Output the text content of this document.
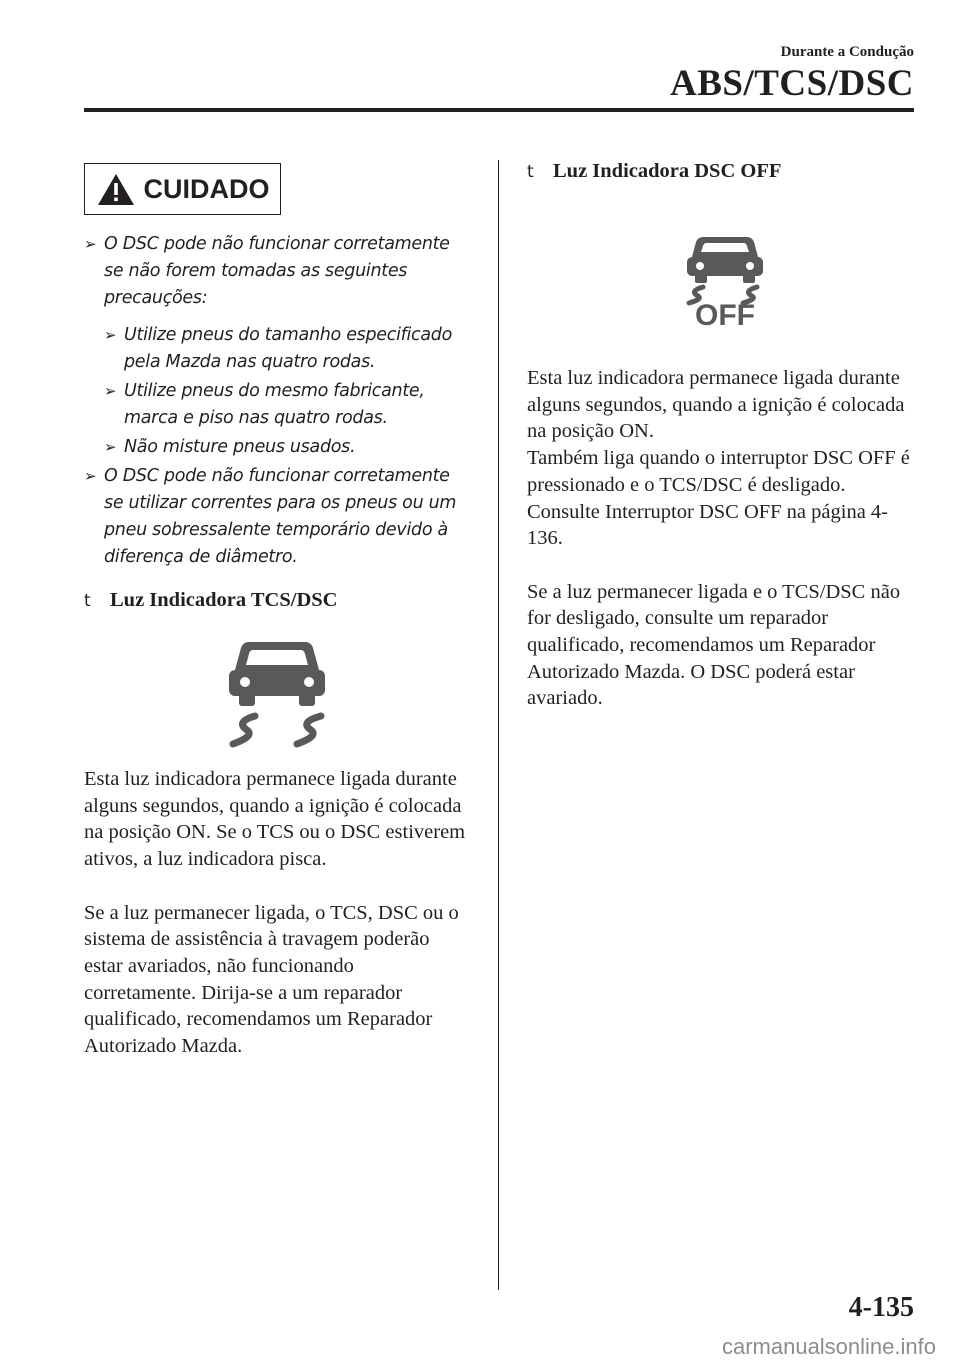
Durante a Condução
ABS/TCS/DSC
CUIDADO
➢ O DSC pode não funcionar corretamente se não forem tomadas as seguintes precauções:
➢ Utilize pneus do tamanho especificado pela Mazda nas quatro rodas.
➢ Utilize pneus do mesmo fabricante, marca e piso nas quatro rodas.
➢ Não misture pneus usados.
➢ O DSC pode não funcionar corretamente se utilizar correntes para os pneus ou um pneu sobressalente temporário devido à diferença de diâmetro.
t Luz Indicadora TCS/DSC

Esta luz indicadora permanece ligada durante alguns segundos, quando a ignição é colocada na posição ON. Se o TCS ou o DSC estiverem ativos, a luz indicadora pisca.

Se a luz permanecer ligada, o TCS, DSC ou o sistema de assistência à travagem poderão estar avariados, não funcionando corretamente. Dirija-se a um reparador qualificado, recomendamos um Reparador Autorizado Mazda.

t Luz Indicadora DSC OFF
OFF

Esta luz indicadora permanece ligada durante alguns segundos, quando a ignição é colocada na posição ON.
Também liga quando o interruptor DSC OFF é pressionado e o TCS/DSC é desligado.
Consulte Interruptor DSC OFF na página 4-136.

Se a luz permanecer ligada e o TCS/DSC não for desligado, consulte um reparador qualificado, recomendamos um Reparador Autorizado Mazda. O DSC poderá estar avariado.

4-135
carmanualsonline.info
